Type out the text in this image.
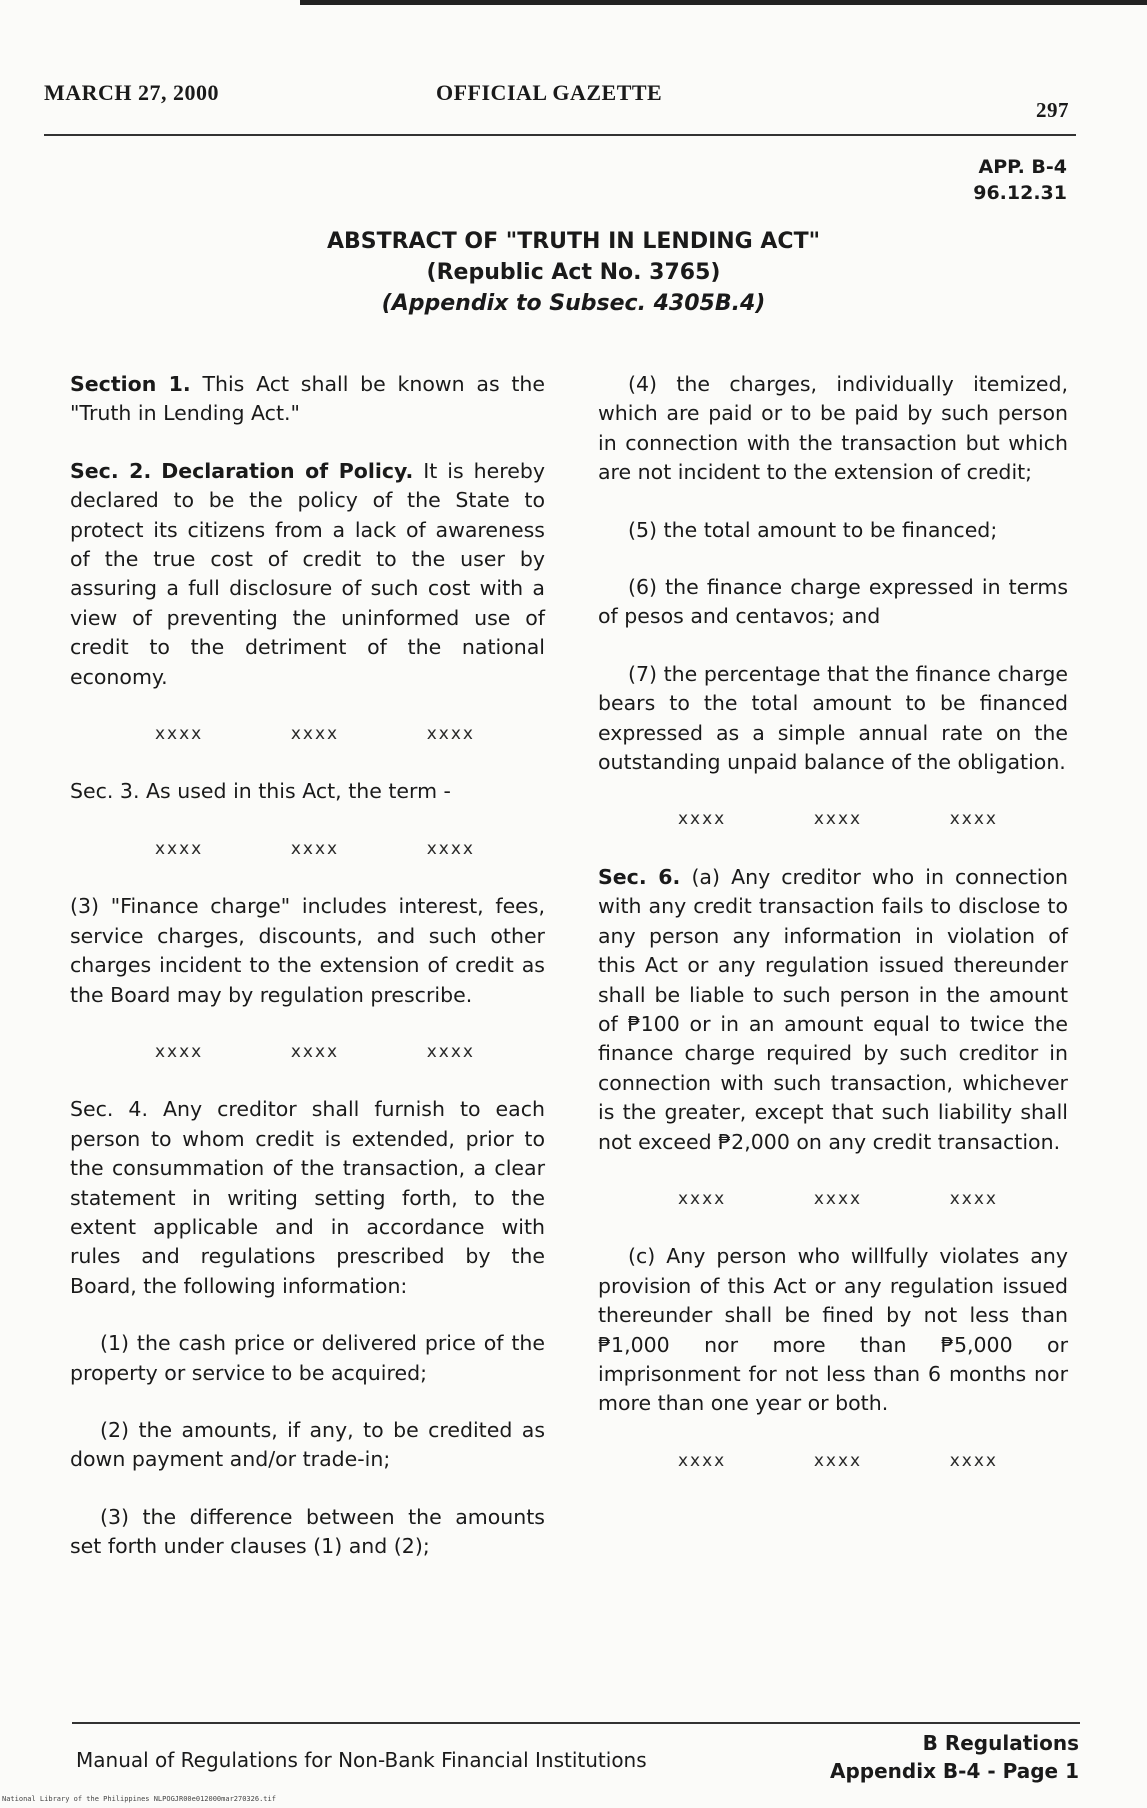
MARCH 27, 2000	OFFICIAL GAZETTE
297
APP. B-4
96.12.31
ABSTRACT OF "TRUTH IN LENDING ACT"
(Republic Act No. 3765)
(Appendix to Subsec. 4305B.4)

Section 1. This Act shall be known as the "Truth in Lending Act."

Sec. 2. Declaration of Policy. It is hereby declared to be the policy of the State to protect its citizens from a lack of awareness of the true cost of credit to the user by assuring a full disclosure of such cost with a view of preventing the uninformed use of credit to the detriment of the national economy.

xxxx	xxxx	xxxx

Sec. 3. As used in this Act, the term -

xxxx	xxxx	xxxx

(3) "Finance charge" includes interest, fees, service charges, discounts, and such other charges incident to the extension of credit as the Board may by regulation prescribe.

xxxx	xxxx	xxxx

Sec. 4. Any creditor shall furnish to each person to whom credit is extended, prior to the consummation of the transaction, a clear statement in writing setting forth, to the extent applicable and in accordance with rules and regulations prescribed by the Board, the following information:

(1) the cash price or delivered price of the property or service to be acquired;

(2) the amounts, if any, to be credited as down payment and/or trade-in;

(3) the difference between the amounts set forth under clauses (1) and (2);

(4) the charges, individually itemized, which are paid or to be paid by such person in connection with the transaction but which are not incident to the extension of credit;

(5) the total amount to be financed;

(6) the finance charge expressed in terms of pesos and centavos; and

(7) the percentage that the finance charge bears to the total amount to be financed expressed as a simple annual rate on the outstanding unpaid balance of the obligation.

xxxx	xxxx	xxxx

Sec. 6. (a) Any creditor who in connection with any credit transaction fails to disclose to any person any information in violation of this Act or any regulation issued thereunder shall be liable to such person in the amount of ₱100 or in an amount equal to twice the finance charge required by such creditor in connection with such transaction, whichever is the greater, except that such liability shall not exceed ₱2,000 on any credit transaction.

xxxx	xxxx	xxxx

(c) Any person who willfully violates any provision of this Act or any regulation issued thereunder shall be fined by not less than ₱1,000 nor more than ₱5,000 or imprisonment for not less than 6 months nor more than one year or both.

xxxx	xxxx	xxxx
Manual of Regulations for Non-Bank Financial Institutions
B Regulations
Appendix B-4 - Page 1
National Library of the Philippines NLPOGJR00e012000mar270326.tif
